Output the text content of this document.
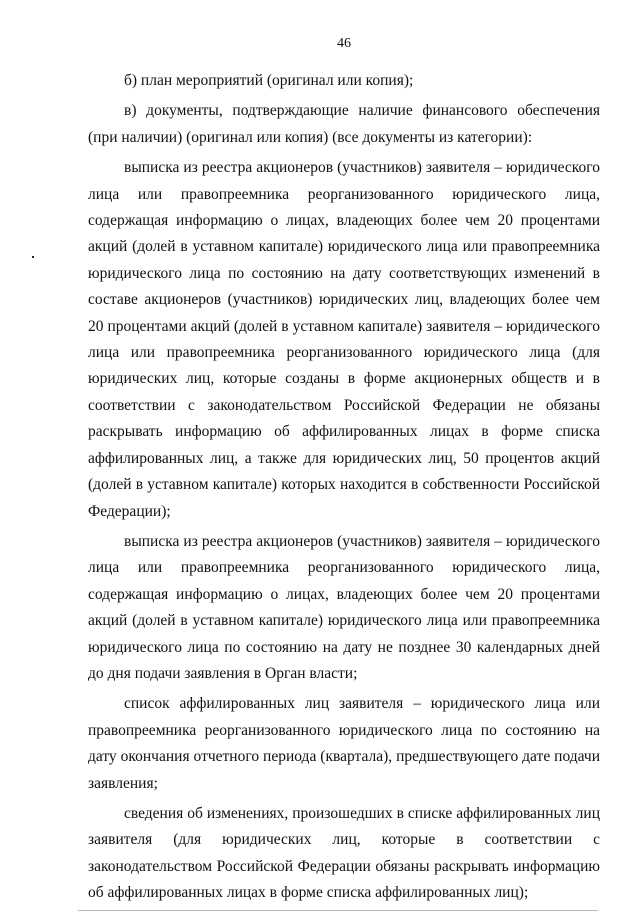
46

б) план мероприятий (оригинал или копия);

в) документы, подтверждающие наличие финансового обеспечения (при наличии) (оригинал или копия) (все документы из категории):

выписка из реестра акционеров (участников) заявителя – юридического лица или правопреемника реорганизованного юридического лица, содержащая информацию о лицах, владеющих более чем 20 процентами акций (долей в уставном капитале) юридического лица или правопреемника юридического лица по состоянию на дату соответствующих изменений в составе акционеров (участников) юридических лиц, владеющих более чем 20 процентами акций (долей в уставном капитале) заявителя – юридического лица или правопреемника реорганизованного юридического лица (для юридических лиц, которые созданы в форме акционерных обществ и в соответствии с законодательством Российской Федерации не обязаны раскрывать информацию об аффилированных лицах в форме списка аффилированных лиц, а также для юридических лиц, 50 процентов акций (долей в уставном капитале) которых находится в собственности Российской Федерации);

выписка из реестра акционеров (участников) заявителя – юридического лица или правопреемника реорганизованного юридического лица, содержащая информацию о лицах, владеющих более чем 20 процентами акций (долей в уставном капитале) юридического лица или правопреемника юридического лица по состоянию на дату не позднее 30 календарных дней до дня подачи заявления в Орган власти;

список аффилированных лиц заявителя – юридического лица или правопреемника реорганизованного юридического лица по состоянию на дату окончания отчетного периода (квартала), предшествующего дате подачи заявления;

сведения об изменениях, произошедших в списке аффилированных лиц заявителя (для юридических лиц, которые в соответствии с законодательством Российской Федерации обязаны раскрывать информацию об аффилированных лицах в форме списка аффилированных лиц);
